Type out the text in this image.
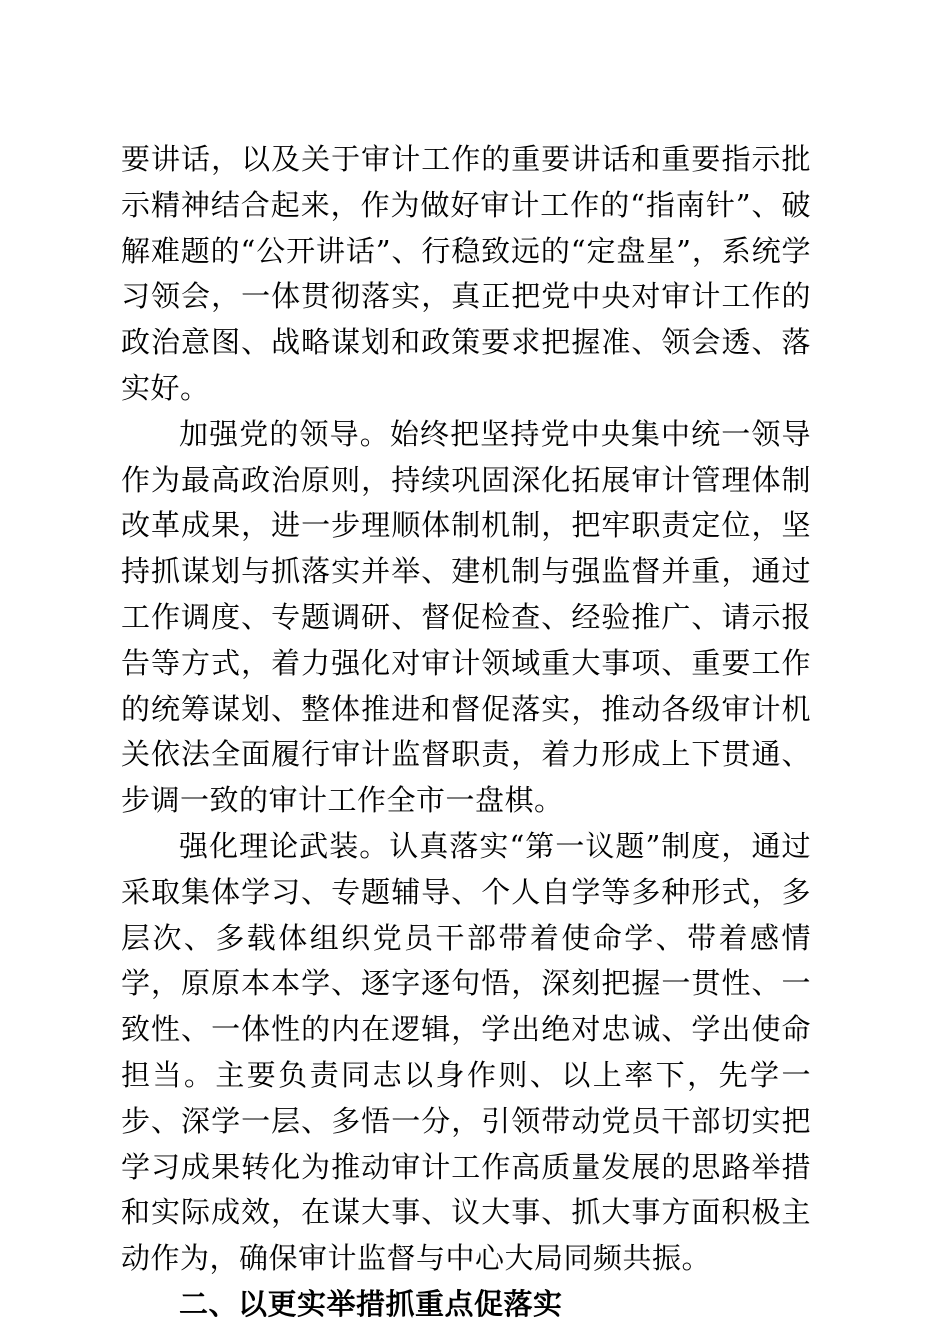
要讲话，以及关于审计工作的重要讲话和重要指示批示精神结合起来，作为做好审计工作的“指南针”、破解难题的“公开讲话”、行稳致远的“定盘星”，系统学习领会，一体贯彻落实，真正把党中央对审计工作的政治意图、战略谋划和政策要求把握准、领会透、落实好。

加强党的领导。始终把坚持党中央集中统一领导作为最高政治原则，持续巩固深化拓展审计管理体制改革成果，进一步理顺体制机制，把牢职责定位，坚持抓谋划与抓落实并举、建机制与强监督并重，通过工作调度、专题调研、督促检查、经验推广、请示报告等方式，着力强化对审计领域重大事项、重要工作的统筹谋划、整体推进和督促落实，推动各级审计机关依法全面履行审计监督职责，着力形成上下贯通、步调一致的审计工作全市一盘棋。

强化理论武装。认真落实“第一议题”制度，通过采取集体学习、专题辅导、个人自学等多种形式，多层次、多载体组织党员干部带着使命学、带着感情学，原原本本学、逐字逐句悟，深刻把握一贯性、一致性、一体性的内在逻辑，学出绝对忠诚、学出使命担当。主要负责同志以身作则、以上率下，先学一步、深学一层、多悟一分，引领带动党员干部切实把学习成果转化为推动审计工作高质量发展的思路举措和实际成效，在谋大事、议大事、抓大事方面积极主动作为，确保审计监督与中心大局同频共振。

二、以更实举措抓重点促落实
